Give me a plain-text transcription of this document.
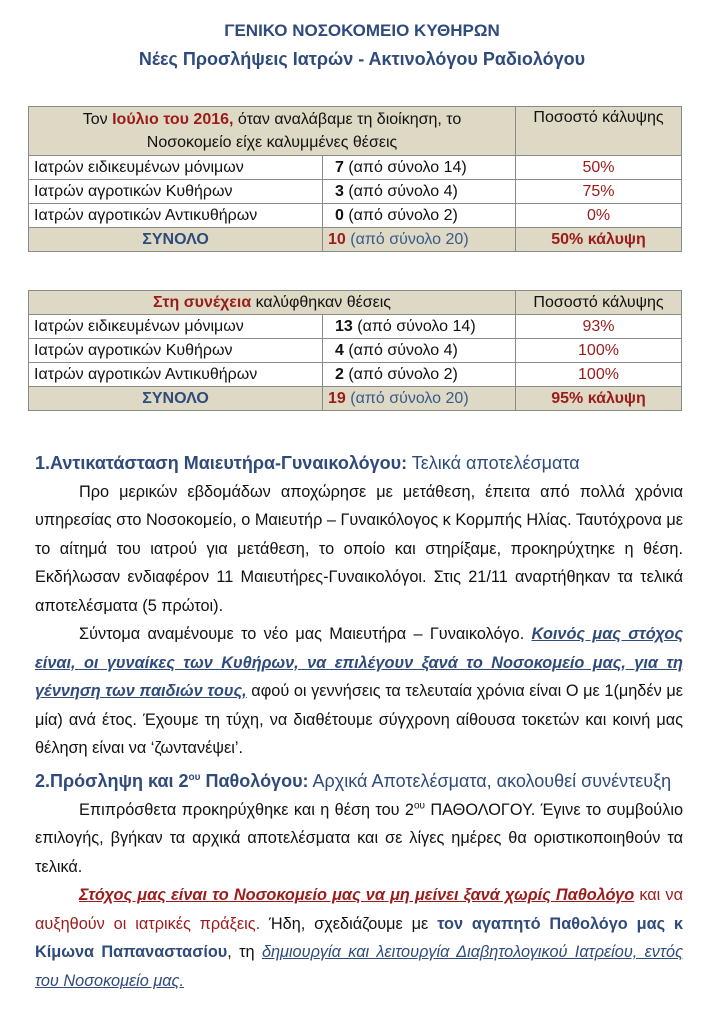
ΓΕΝΙΚΟ ΝΟΣΟΚΟΜΕΙΟ ΚΥΘΗΡΩΝ
Νέες Προσλήψεις Ιατρών - Ακτινολόγου Ραδιολόγου
Τον Ιούλιο του 2016, όταν αναλάβαμε τη διοίκηση, το
Νοσοκομείο είχε καλυμμένες θέσεις		Ποσοστό κάλυψης
Ιατρών ειδικευμένων μόνιμων	7 (από σύνολο 14)	50%
Ιατρών αγροτικών Κυθήρων	3 (από σύνολο 4)	75%
Ιατρών αγροτικών Αντικυθήρων	0 (από σύνολο 2)	0%
ΣΥΝΟΛΟ	10 (από σύνολο 20)	50% κάλυψη
Στη συνέχεια καλύφθηκαν θέσεις		Ποσοστό κάλυψης
Ιατρών ειδικευμένων μόνιμων	13 (από σύνολο 14)	93%
Ιατρών αγροτικών Κυθήρων	4 (από σύνολο 4)	100%
Ιατρών αγροτικών Αντικυθήρων	2 (από σύνολο 2)	100%
ΣΥΝΟΛΟ	19 (από σύνολο 20)	95% κάλυψη
1.Αντικατάσταση Μαιευτήρα-Γυναικολόγου: Τελικά αποτελέσματα

Προ μερικών εβδομάδων αποχώρησε με μετάθεση, έπειτα από πολλά χρόνια υπηρεσίας στο Νοσοκομείο, ο Μαιευτήρ – Γυναικόλογος κ Κορμπής Ηλίας. Ταυτόχρονα με το αίτημά του ιατρού για μετάθεση, το οποίο και στηρίξαμε, προκηρύχτηκε η θέση. Εκδήλωσαν ενδιαφέρον 11 Μαιευτήρες-Γυναικολόγοι. Στις 21/11 αναρτήθηκαν τα τελικά αποτελέσματα (5 πρώτοι).

Σύντομα αναμένουμε το νέο μας Μαιευτήρα – Γυναικολόγο. Κοινός μας στόχος είναι, οι γυναίκες των Κυθήρων, να επιλέγουν ξανά το Νοσοκομείο μας, για τη γέννηση των παιδιών τους, αφού οι γεννήσεις τα τελευταία χρόνια είναι Ο με 1(μηδέν με μία) ανά έτος. Έχουμε τη τύχη, να διαθέτουμε σύγχρονη αίθουσα τοκετών και κοινή μας θέληση είναι να ‘ζωντανέψει’.

2.Πρόσληψη και $2^{o\upsilon}$ Παθολόγου: Αρχικά Αποτελέσματα, ακολουθεί συνέντευξη

Επιπρόσθετα προκηρύχθηκε και η θέση του $2^{o\upsilon}$ ΠΑΘΟΛΟΓΟΥ. Έγινε το συμβούλιο επιλογής, βγήκαν τα αρχικά αποτελέσματα και σε λίγες ημέρες θα οριστικοποιηθούν τα τελικά.

Στόχος μας είναι το Νοσοκομείο μας να μη μείνει ξανά χωρίς Παθολόγο και να αυξηθούν οι ιατρικές πράξεις. Ήδη, σχεδιάζουμε με τον αγαπητό Παθολόγο μας κ Κίμωνα Παπαναστασίου, τη δημιουργία και λειτουργία Διαβητολογικού Ιατρείου, εντός του Νοσοκομείο μας.
